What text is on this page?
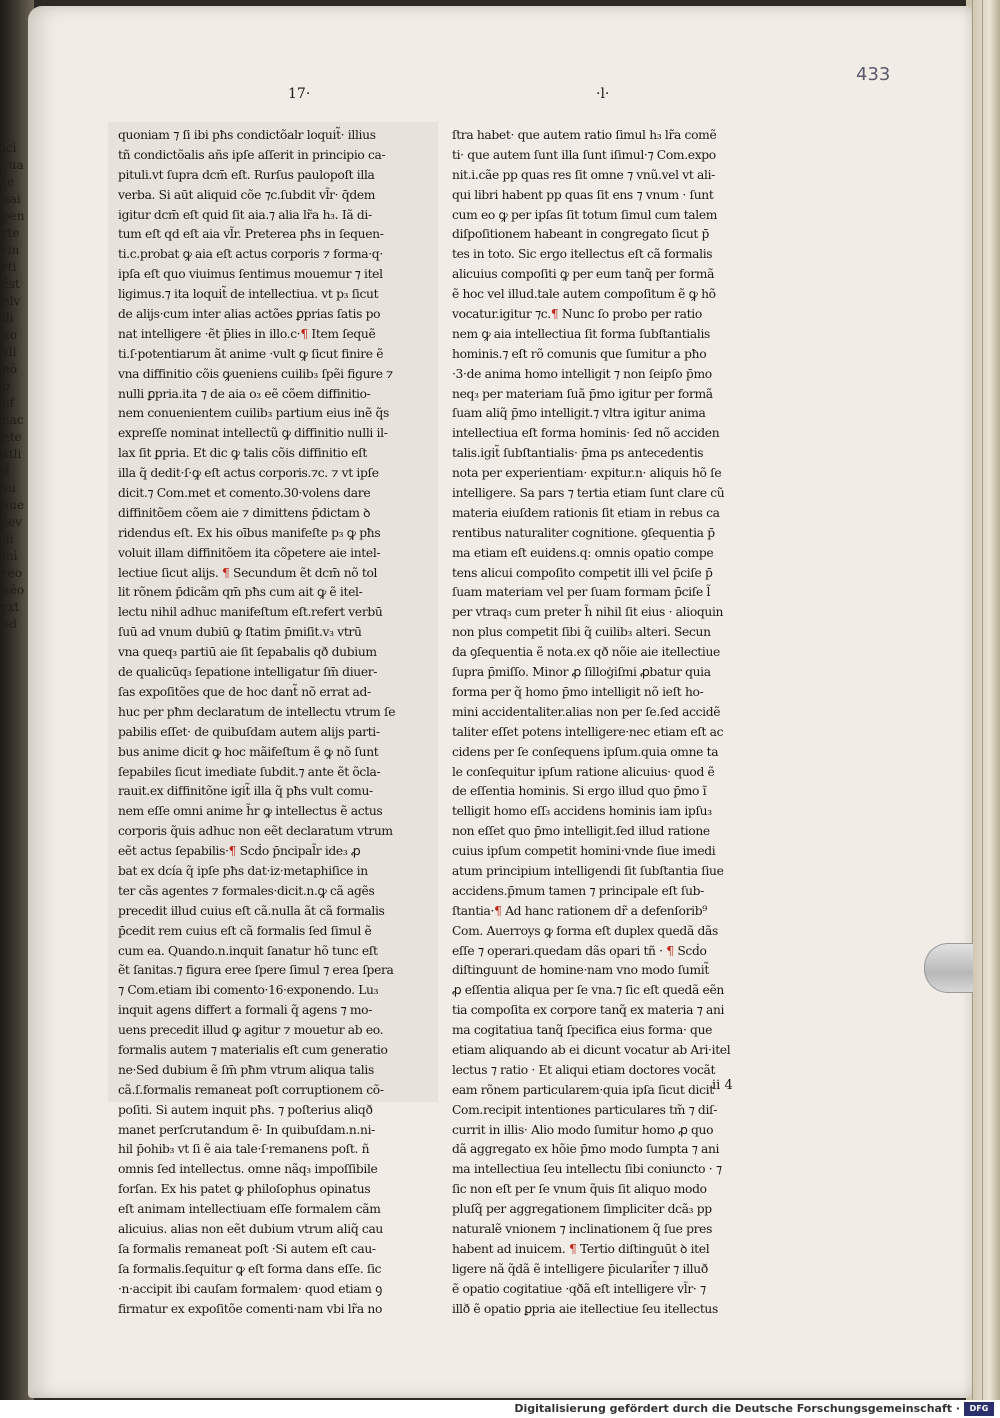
ici
cua
te
nai
pen
rte
rin
rti
c̄st
nlv
di
uo
xli
nõ
̄p
iif
nac
nte
xtli
d̄
su
aue
sev
di
lni
reo
nẽo
rxt
od
433
17·	·l·
quoniam ⁊ ſi ibi pħs condictõalr loquit̃· illius
tñ condictõalis añs ipſe aſſerit in principio ca‑
pituli.vt ſupra dcm̄ eſt. Rurſus paulopoſt illa
verba. Si aūt aliquid cõe ⁊c.ſubdit vl̃r· q̄dem
igitur dcm̄ eſt quid ſit aia.⁊ alia lr̃a h₃. Iã di‑
tum eſt qd eſt aia vl̃r. Preterea pħs in ſequen‑
ti.c.probat ꝙ aia eſt actus corporis ⁊ forma·q·
ipſa eſt quo viuimus ſentimus mouemur ⁊ itel
ligimus.⁊ ita loquit̃ de intellectiua. vt p₃ ſicut
de alijs·cum inter alias actões ꝑprias ſatis po
nat intelligere ·ẽt p̄lies in illo.c·¶ Item ſequẽ
ti.ſ·potentiarum ãt anime ·vult ꝙ ſicut finire ẽ
vna diffinitio cõis ꝙueniens cuilib₃ ſpẽi figure ⁊
nulli ꝑpria.ita ⁊ de aia o₃ eẽ cõem diffinitio‑
nem conuenientem cuilib₃ partium eius inẽ q̃s
expreſſe nominat intellectũ ꝙ diffinitio nulli il‑
lax ſit ꝑpria. Et dic ꝙ talis cõis diffinitio eſt
illa q̃ dedit·ſ·ꝙ eſt actus corporis.⁊c. ⁊ vt ipſe
dicit.⁊ Com.met et comento.30·volens dare
diffinitõem cõem aie ⁊ dimittens p̄dictam ꝺ
ridendus eſt. Ex his oībus manifeſte p₃ ꝙ pħs
voluit illam diffinitõem ita cõpetere aie intel‑
lectiue ſicut alijs. ¶ Secundum ẽt dcm̄ nõ tol
lit rõnem p̄dicãm qm̄ pħs cum ait ꝙ ẽ itel‑
lectu nihil adhuc manifeſtum eſt.refert verbū
ſuū ad vnum dubiū ꝙ ſtatim p̄miſit.v₃ vtrū
vna queq₃ partiū aie ſit ſepabalis qð dubium
de qualicūq₃ ſepatione intelligatur ſm̄ diuer‑
ſas expoſitões que de hoc dant̃ nõ errat ad‑
huc per pħm declaratum de intellectu vtrum ſe
pabilis eſſet· de quibuſdam autem alijs parti‑
bus anime dicit ꝙ hoc mãifeſtum ẽ ꝙ nõ ſunt
ſepabiles ſicut imediate ſubdit.⁊ ante ẽt õcla‑
rauit.ex diffinitõne igit̃ illa q̃ pħs vult comu‑
nem eſſe omni anime h̃r ꝙ intellectus ẽ actus
corporis q̃uis adhuc non eẽt declaratum vtrum
eẽt actus ſepabilis·¶ Scḋo p̄ncipal̃r ide₃ ꝓ
bat ex dcía q̃ ipſe pħs dat·iz·metaphiſice in
ter cãs agentes ⁊ formales·dicit.n.ꝙ cã agẽs
precedit illud cuius eſt cã.nulla ãt cã formalis
p̄cedit rem cuius eſt cã formalis ſed ſimul ẽ
cum ea. Quando.n.inquit ſanatur hõ tunc eſt
ẽt ſanitas.⁊ figura eree ſpere ſimul ⁊ erea ſpera
⁊ Com.etiam ibi comento·16·exponendo. Lu₃
inquit agens differt a formali q̃ agens ⁊ mo‑
uens precedit illud ꝙ agitur ⁊ mouetur ab eo.
formalis autem ⁊ materialis eſt cum generatio
ne·Sed dubium ẽ ſm̄ pħm vtrum aliqua talis
cã.ſ.formalis remaneat poſt corruptionem cõ‑
poſiti. Si autem inquit pħs. ⁊ poſterius aliqð
manet perſcrutandum ẽ· In quibuſdam.n.ni‑
hil p̄ohib₃ vt ſi ẽ aia tale·ſ·remanens poſt. ñ
omnis ſed intellectus. omne nãq₃ impoſſibile
forſan. Ex his patet ꝙ philoſophus opinatus
eſt animam intellectiuam eſſe formalem cãm
alicuius. alias non eẽt dubium vtrum aliq̃ cau
ſa formalis remaneat poſt ·Si autem eſt cau‑
ſa formalis.ſequitur ꝙ eſt forma dans eſſe. ſic
·n·accipit ibi cauſam formalem· quod etiam ꝯ
firmatur ex expoſitõe comenti·nam vbi lr̃a no
ſtra habet· que autem ratio ſimul h₃ lr̃a comẽ
ti· que autem ſunt illa ſunt iſimul·⁊ Com.expo
nit.i.cãe pp quas res ſit omne ⁊ vnũ.vel vt ali‑
qui libri habent pp quas ſit ens ⁊ vnum · ſunt
cum eo ꝙ per ipſas ſit totum ſimul cum talem
diſpoſitionem habeant in congregato ſicut p̄
tes in toto. Sic ergo itellectus eſt cã formalis
alicuius compoſiti ꝙ per eum tanq̃ per formã
ẽ hoc vel illud.tale autem compoſitum ẽ ꝙ hõ
vocatur.igitur ⁊c.¶ Nunc ſo probo per ratio
nem ꝙ aia intellectiua ſit forma ſubſtantialis
hominis.⁊ eſt rõ comunis que ſumitur a pħo
·3·de anima homo intelligit ⁊ non ſeipſo p̄mo
neq₃ per materiam ſuã p̄mo igitur per formã
ſuam aliq̃ p̄mo intelligit.⁊ vltra igitur anima
intellectiua eſt forma hominis· ſed nõ acciden
talis.igit̃ ſubſtantialis· p̄ma ps antecedentis
nota per experientiam· expitur.n· aliquis hõ ſe
intelligere. Sa pars ⁊ tertia etiam ſunt clare cũ
materia eiuſdem rationis ſit etiam in rebus ca
rentibus naturaliter cognitione. ꝯſequentia p̄
ma etiam eſt euidens.q: omnis opatio compe
tens alicui compoſito competit illi vel p̄ciſe p̄
ſuam materiam vel per ſuam formam p̄ciſe l̃
per vtraq₃ cum preter h̃ nihil ſit eius · alioquin
non plus competit ſibi q̃ cuilib₃ alteri. Secun
da ꝯſequentia ẽ nota.ex qð nõie aie itellectiue
ſupra p̄miſſo. Minor ꝓ ſilloġiſmi ꝓbatur quia
forma per q̃ homo p̄mo intelligit nõ ieſt ho‑
mini accidentaliter.alias non per ſe.ſed accidẽ
taliter eſſet potens intelligere·nec etiam eſt ac
cidens per ſe conſequens ipſum.quia omne ta
le conſequitur ipſum ratione alicuius· quod ẽ
de eſſentia hominis. Si ergo illud quo p̄mo ĩ
telligit homo eſſ₃ accidens hominis iam ipſu₃
non eſſet quo p̄mo intelligit.ſed illud ratione
cuius ipſum competit homini·vnde ſiue imedi
atum principium intelligendi ſit ſubſtantia ſiue
accidens.p̄mum tamen ⁊ principale eſt ſub‑
ſtantia·¶ Ad hanc rationem dr̃ a defenſorib⁹
Com. Auerroys ꝙ forma eſt duplex quedã dãs
eſſe ⁊ operari.quedam dãs opari tñ · ¶ Scḋo
diſtinguunt de homine·nam vno modo ſumit̃
ꝓ eſſentia aliqua per ſe vna.⁊ ſic eſt quedã eẽn
tia compoſita ex corpore tanq̃ ex materia ⁊ ani
ma cogitatiua tanq̃ ſpecifica eius forma· que
etiam aliquando ab ei dicunt vocatur ab Ari·itel
lectus ⁊ ratio · Et aliqui etiam doctores vocãt
eam rõnem particularem·quia ipſa ſicut dicit
Com.recipit intentiones particulares tm̃ ⁊ diſ‑
currit in illis· Alio modo ſumitur homo ꝓ quo
dã aggregato ex hõie p̄mo modo ſumpta ⁊ ani
ma intellectiua ſeu intellectu ſibi coniuncto · ⁊
ſic non eſt per ſe vnum q̃uis ſit aliquo modo
pluſq̃ per aggregationem ſimpliciter dcã₃ pp
naturalẽ vnionem ⁊ inclinationem q̃ ſue pres
habent ad inuicem. ¶ Tertio diſtinguūt ꝺ itel
ligere nã q̃dã ẽ intelligere p̄icularit̃er ⁊ illuð
ẽ opatio cogitatiue ·qðã eſt intelligere vl̃r· ⁊
illð ẽ opatio ꝑpria aie itellectiue ſeu itellectus
ii 4
Digitalisierung gefördert durch die Deutsche Forschungsgemeinschaft ·	DFG
